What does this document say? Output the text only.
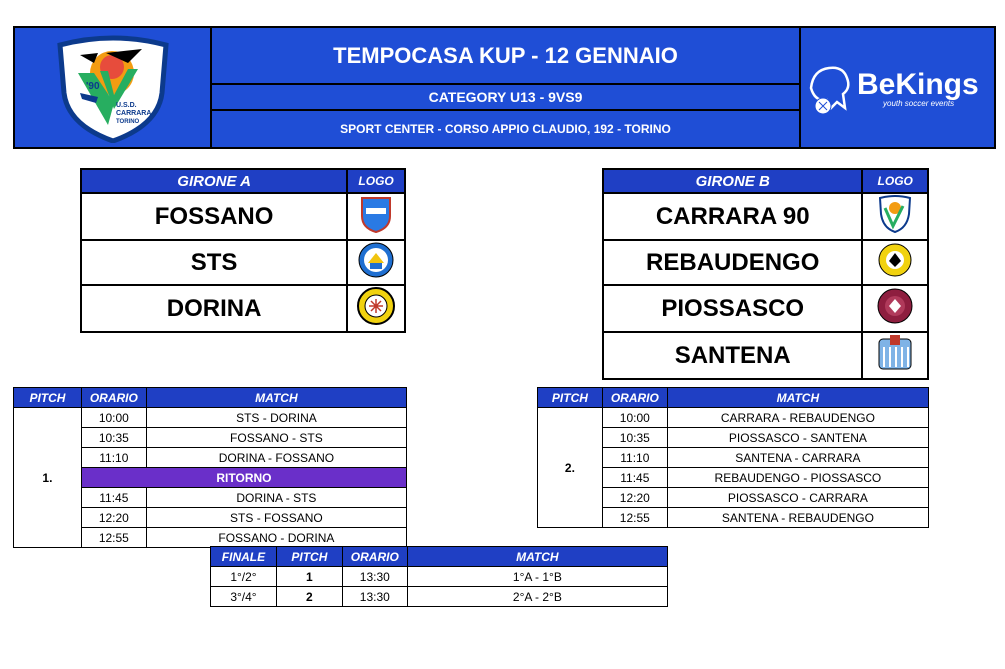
'90
U.S.D.
CARRARA
TORINO
TEMPOCASA KUP - 12 GENNAIO
CATEGORY U13 - 9VS9
SPORT CENTER - CORSO APPIO CLAUDIO, 192 - TORINO
BeKings
youth soccer events
GIRONE A	LOGO
FOSSANO	
STS	
DORINA	
GIRONE B	LOGO
CARRARA 90	
REBAUDENGO	
PIOSSASCO	
SANTENA	
PITCH	ORARIO	MATCH
1.	10:00	STS - DORINA
	10:35	FOSSANO - STS
	11:10	DORINA - FOSSANO
	RITORNO	
	11:45	DORINA - STS
	12:20	STS - FOSSANO
	12:55	FOSSANO - DORINA
PITCH	ORARIO	MATCH
2.	10:00	CARRARA - REBAUDENGO
	10:35	PIOSSASCO - SANTENA
	11:10	SANTENA - CARRARA
	11:45	REBAUDENGO - PIOSSASCO
	12:20	PIOSSASCO - CARRARA
	12:55	SANTENA - REBAUDENGO
FINALE	PITCH	ORARIO	MATCH
1°/2°	1	13:30	1°A - 1°B
3°/4°	2	13:30	2°A - 2°B
